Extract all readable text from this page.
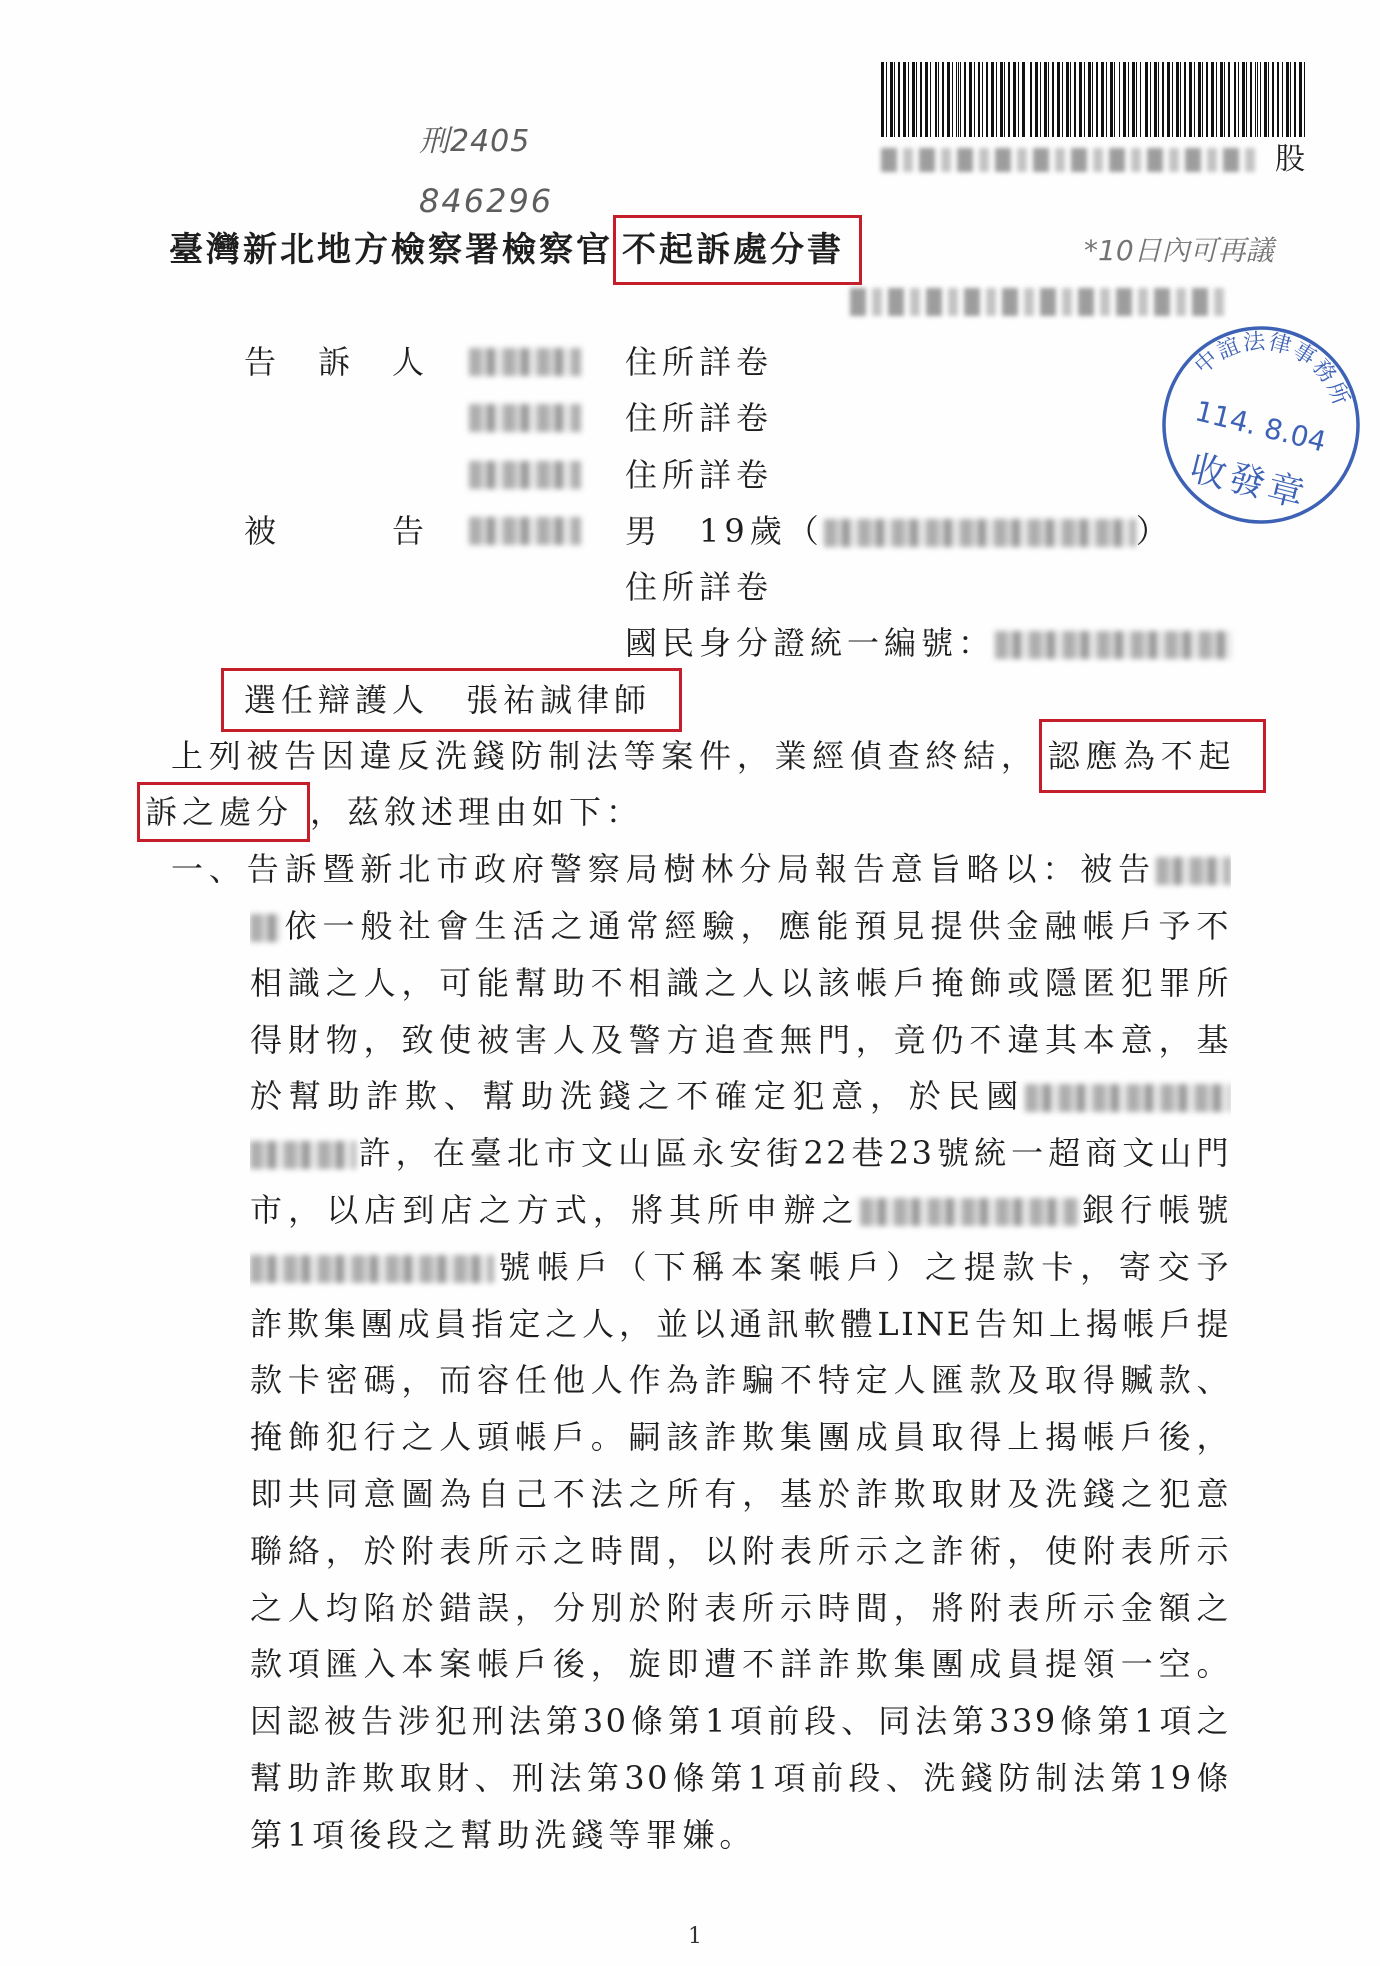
股
刑2405
846296
臺灣新北地方檢察署檢察官 不起訴處分書	*10日內可再議
中誼法律事務所
114. 8.04
收發章
告　訴　人	住所詳卷
住所詳卷
住所詳卷
被　　　告	男　19歲（	）
住所詳卷
國民身分證統一編號：
選任辯護人　張祐誠律師
上列被告因違反洗錢防制法等案件，業經偵查終結， 認應為不起
訴之處分 ，茲敘述理由如下：
一、告訴暨新北市政府警察局樹林分局報告意旨略以：被告
依一般社會生活之通常經驗，應能預見提供金融帳戶予不
相識之人，可能幫助不相識之人以該帳戶掩飾或隱匿犯罪所
得財物，致使被害人及警方追查無門，竟仍不違其本意，基
於幫助詐欺、幫助洗錢之不確定犯意，於民國
許，在臺北市文山區永安街22巷23號統一超商文山門
市，以店到店之方式，將其所申辦之	銀行帳號
號帳戶（下稱本案帳戶）之提款卡，寄交予
詐欺集團成員指定之人，並以通訊軟體LINE告知上揭帳戶提
款卡密碼，而容任他人作為詐騙不特定人匯款及取得贓款、
掩飾犯行之人頭帳戶。嗣該詐欺集團成員取得上揭帳戶後，
即共同意圖為自己不法之所有，基於詐欺取財及洗錢之犯意
聯絡，於附表所示之時間，以附表所示之詐術，使附表所示
之人均陷於錯誤，分別於附表所示時間，將附表所示金額之
款項匯入本案帳戶後，旋即遭不詳詐欺集團成員提領一空。
因認被告涉犯刑法第30條第1項前段、同法第339條第1項之
幫助詐欺取財、刑法第30條第1項前段、洗錢防制法第19條
第1項後段之幫助洗錢等罪嫌。
1
